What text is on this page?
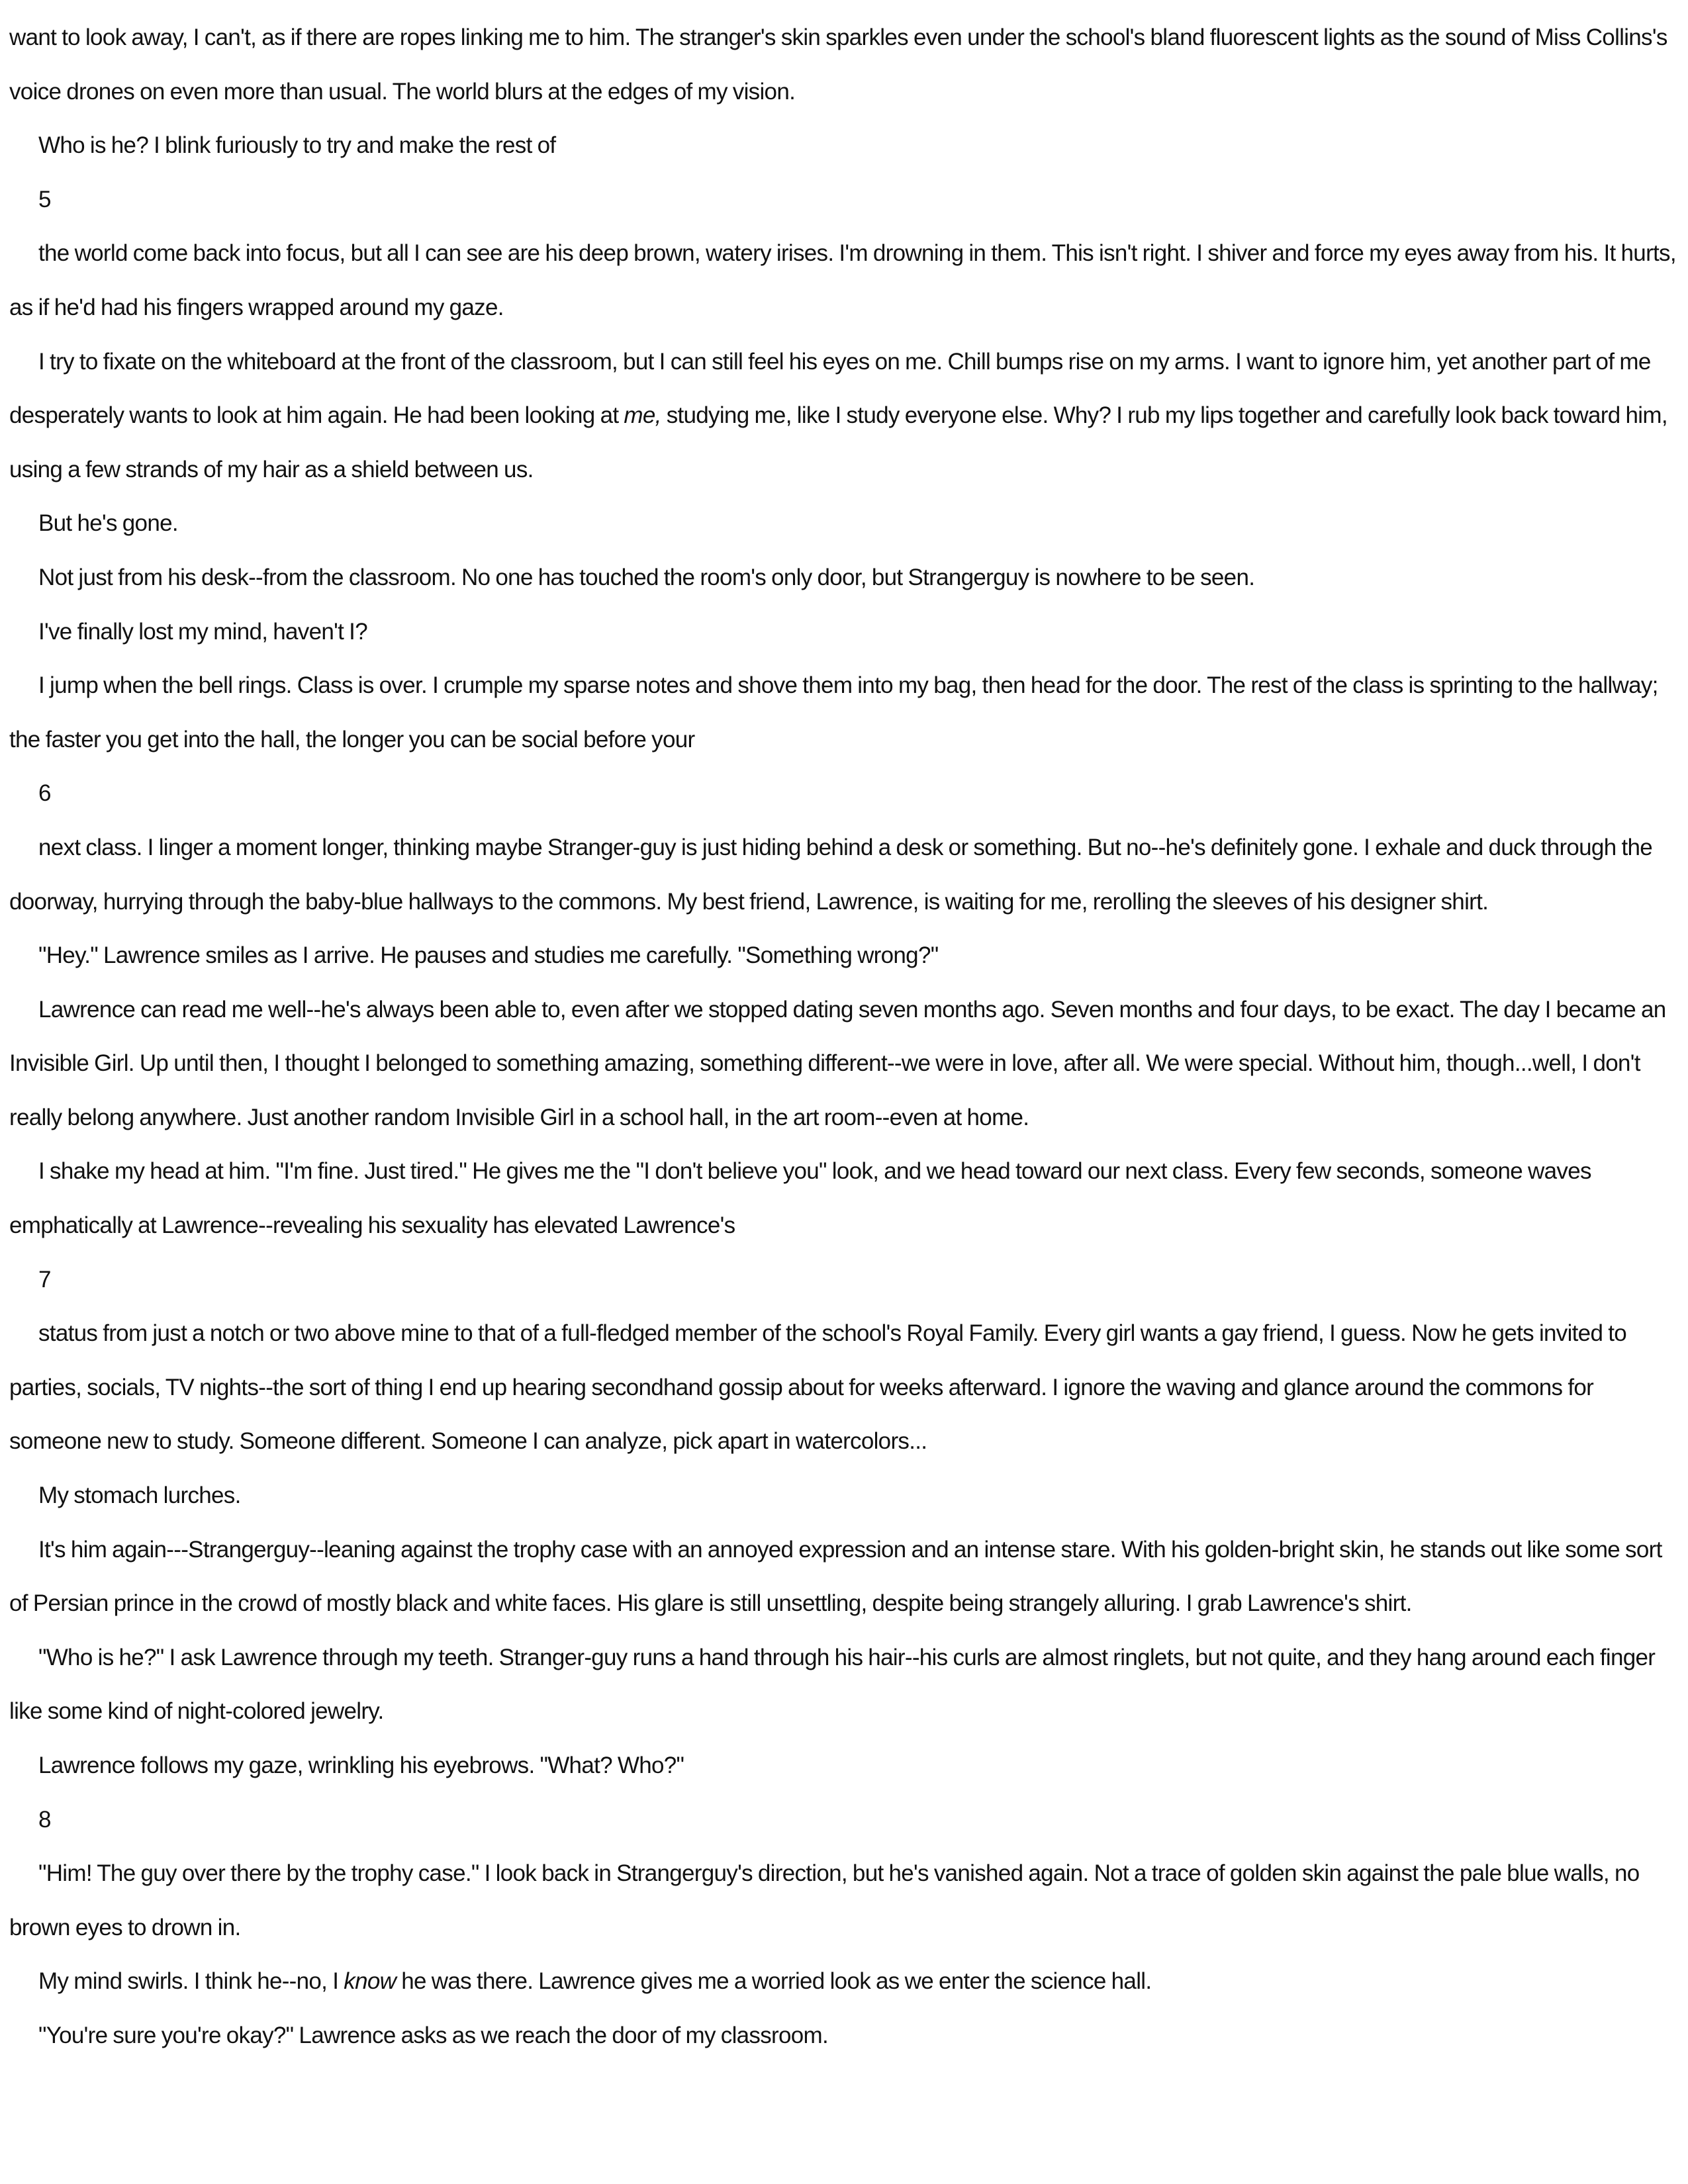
want to look away, I can't, as if there are ropes linking me to him. The stranger's skin sparkles even under the school's bland fluorescent lights as the sound of Miss Collins's voice drones on even more than usual. The world blurs at the edges of my vision.

Who is he? I blink furiously to try and make the rest of

5

the world come back into focus, but all I can see are his deep brown, watery irises. I'm drowning in them. This isn't right. I shiver and force my eyes away from his. It hurts, as if he'd had his fingers wrapped around my gaze.

I try to fixate on the whiteboard at the front of the classroom, but I can still feel his eyes on me. Chill bumps rise on my arms. I want to ignore him, yet another part of me desperately wants to look at him again. He had been looking at me, studying me, like I study everyone else. Why? I rub my lips together and carefully look back toward him, using a few strands of my hair as a shield between us.

But he's gone.

Not just from his desk--from the classroom. No one has touched the room's only door, but Strangerguy is nowhere to be seen.

I've finally lost my mind, haven't I?

I jump when the bell rings. Class is over. I crumple my sparse notes and shove them into my bag, then head for the door. The rest of the class is sprinting to the hallway; the faster you get into the hall, the longer you can be social before your

6

next class. I linger a moment longer, thinking maybe Stranger-guy is just hiding behind a desk or something. But no--he's definitely gone. I exhale and duck through the doorway, hurrying through the baby-blue hallways to the commons. My best friend, Lawrence, is waiting for me, rerolling the sleeves of his designer shirt.

"Hey." Lawrence smiles as I arrive. He pauses and studies me carefully. "Something wrong?"

Lawrence can read me well--he's always been able to, even after we stopped dating seven months ago. Seven months and four days, to be exact. The day I became an Invisible Girl. Up until then, I thought I belonged to something amazing, something different--we were in love, after all. We were special. Without him, though...well, I don't really belong anywhere. Just another random Invisible Girl in a school hall, in the art room--even at home.

I shake my head at him. "I'm fine. Just tired." He gives me the "I don't believe you" look, and we head toward our next class. Every few seconds, someone waves emphatically at Lawrence--revealing his sexuality has elevated Lawrence's

7

status from just a notch or two above mine to that of a full-fledged member of the school's Royal Family. Every girl wants a gay friend, I guess. Now he gets invited to parties, socials, TV nights--the sort of thing I end up hearing secondhand gossip about for weeks afterward. I ignore the waving and glance around the commons for someone new to study. Someone different. Someone I can analyze, pick apart in watercolors...

My stomach lurches.

It's him again---Strangerguy--leaning against the trophy case with an annoyed expression and an intense stare. With his golden-bright skin, he stands out like some sort of Persian prince in the crowd of mostly black and white faces. His glare is still unsettling, despite being strangely alluring. I grab Lawrence's shirt.

"Who is he?" I ask Lawrence through my teeth. Stranger-guy runs a hand through his hair--his curls are almost ringlets, but not quite, and they hang around each finger like some kind of night-colored jewelry.

Lawrence follows my gaze, wrinkling his eyebrows. "What? Who?"

8

"Him! The guy over there by the trophy case." I look back in Strangerguy's direction, but he's vanished again. Not a trace of golden skin against the pale blue walls, no brown eyes to drown in.

My mind swirls. I think he--no, I know he was there. Lawrence gives me a worried look as we enter the science hall.

"You're sure you're okay?" Lawrence asks as we reach the door of my classroom.
